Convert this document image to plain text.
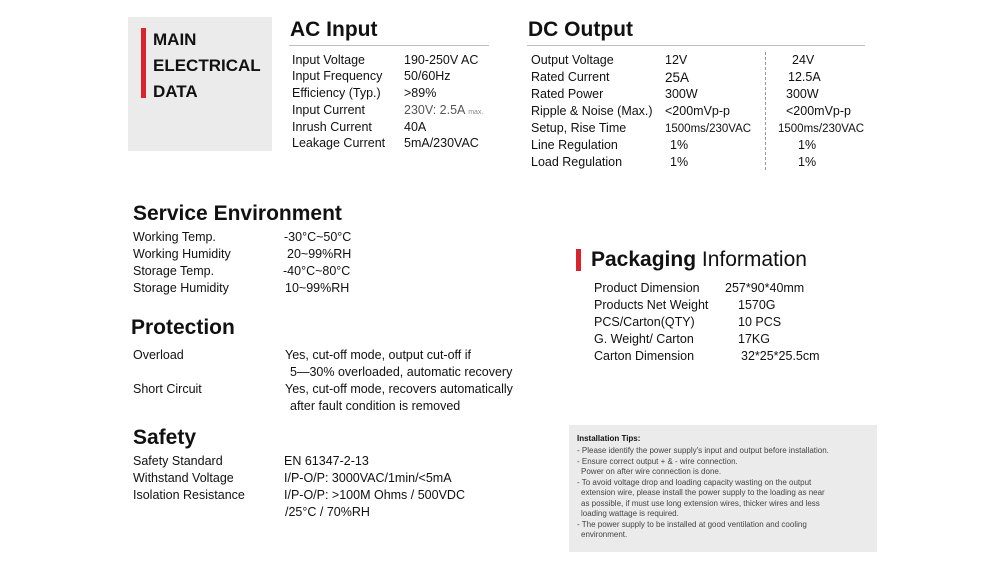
MAIN
ELECTRICAL
DATA
AC Input
Input Voltage	190-250V AC
Input Frequency 50/60Hz
Efficiency (Typ.) >89%
Input Current	230V: 2.5A max.
Inrush Current	40A
Leakage Current 5mA/230VAC
DC Output
Output Voltage	12V	24V
Rated Current	25A	12.5A
Rated Power	300W	300W
Ripple & Noise (Max.) <200mVp-p	<200mVp-p
Setup, Rise Time	1500ms/230VAC 1500ms/230VAC
Line Regulation	1%	1%
Load Regulation	1%	1%
Service Environment
Working Temp.	-30°C~50°C
Working Humidity	20~99%RH
Storage Temp.	-40°C~80°C
Storage Humidity	10~99%RH
Protection
Overload	Yes, cut-off mode, output cut-off if
5—30% overloaded, automatic recovery
Short Circuit	Yes, cut-off mode, recovers automatically
after fault condition is removed
Safety
Safety Standard	EN 61347-2-13
Withstand Voltage	I/P-O/P: 3000VAC/1min/<5mA
Isolation Resistance	I/P-O/P: >100M Ohms / 500VDC
/25°C / 70%RH
Packaging Information
Product Dimension 257*90*40mm
Products Net Weight 1570G
PCS/Carton(QTY)	10 PCS
G. Weight/ Carton	17KG
Carton Dimension	32*25*25.5cm
Installation Tips:
- Please identify the power supply's input and output before installation.
- Ensure correct output + & - wire connection.
Power on after wire connection is done.
- To avoid voltage drop and loading capacity wasting on the output
extension wire, please install the power supply to the loading as near
as possible, if must use long extension wires, thicker wires and less
loading wattage is required.
- The power supply to be installed at good ventilation and cooling
environment.
